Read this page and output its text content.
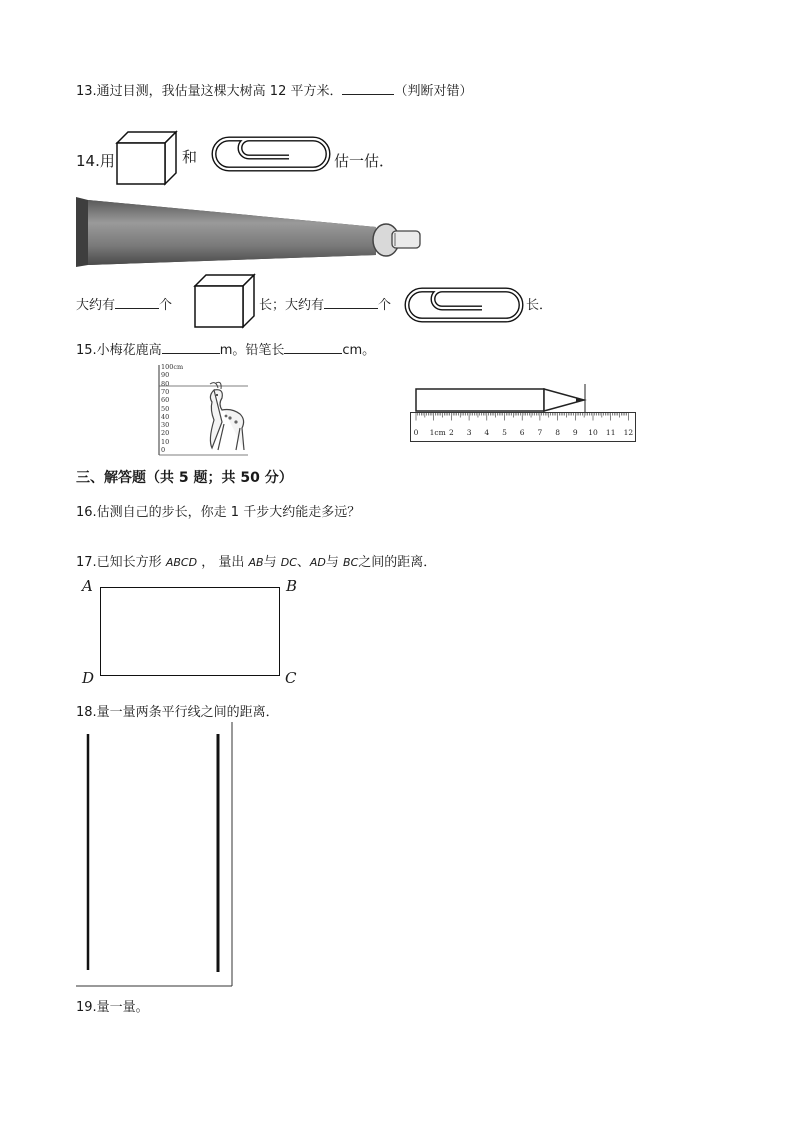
13.通过目测，我估量这棵大树高 12 平方米．	（判断对错）
14.用	和	估一估．
大约有	个	长；大约有	个	长．
15.小梅花鹿高	m。铅笔长	cm。
100cm
90
80
70
60
50
40
30
20
10
0
0 1cm 2 3 4 5 6 7 8 9 10 11 12
三、解答题（共 5 题；共 50 分）
16.估测自己的步长，你走 1 千步大约能走多远？
17.已知长方形 ABCD ， 量出 AB与 DC、AD与 BC之间的距离．
A	B
C
D
18.量一量两条平行线之间的距离．
19.量一量。
